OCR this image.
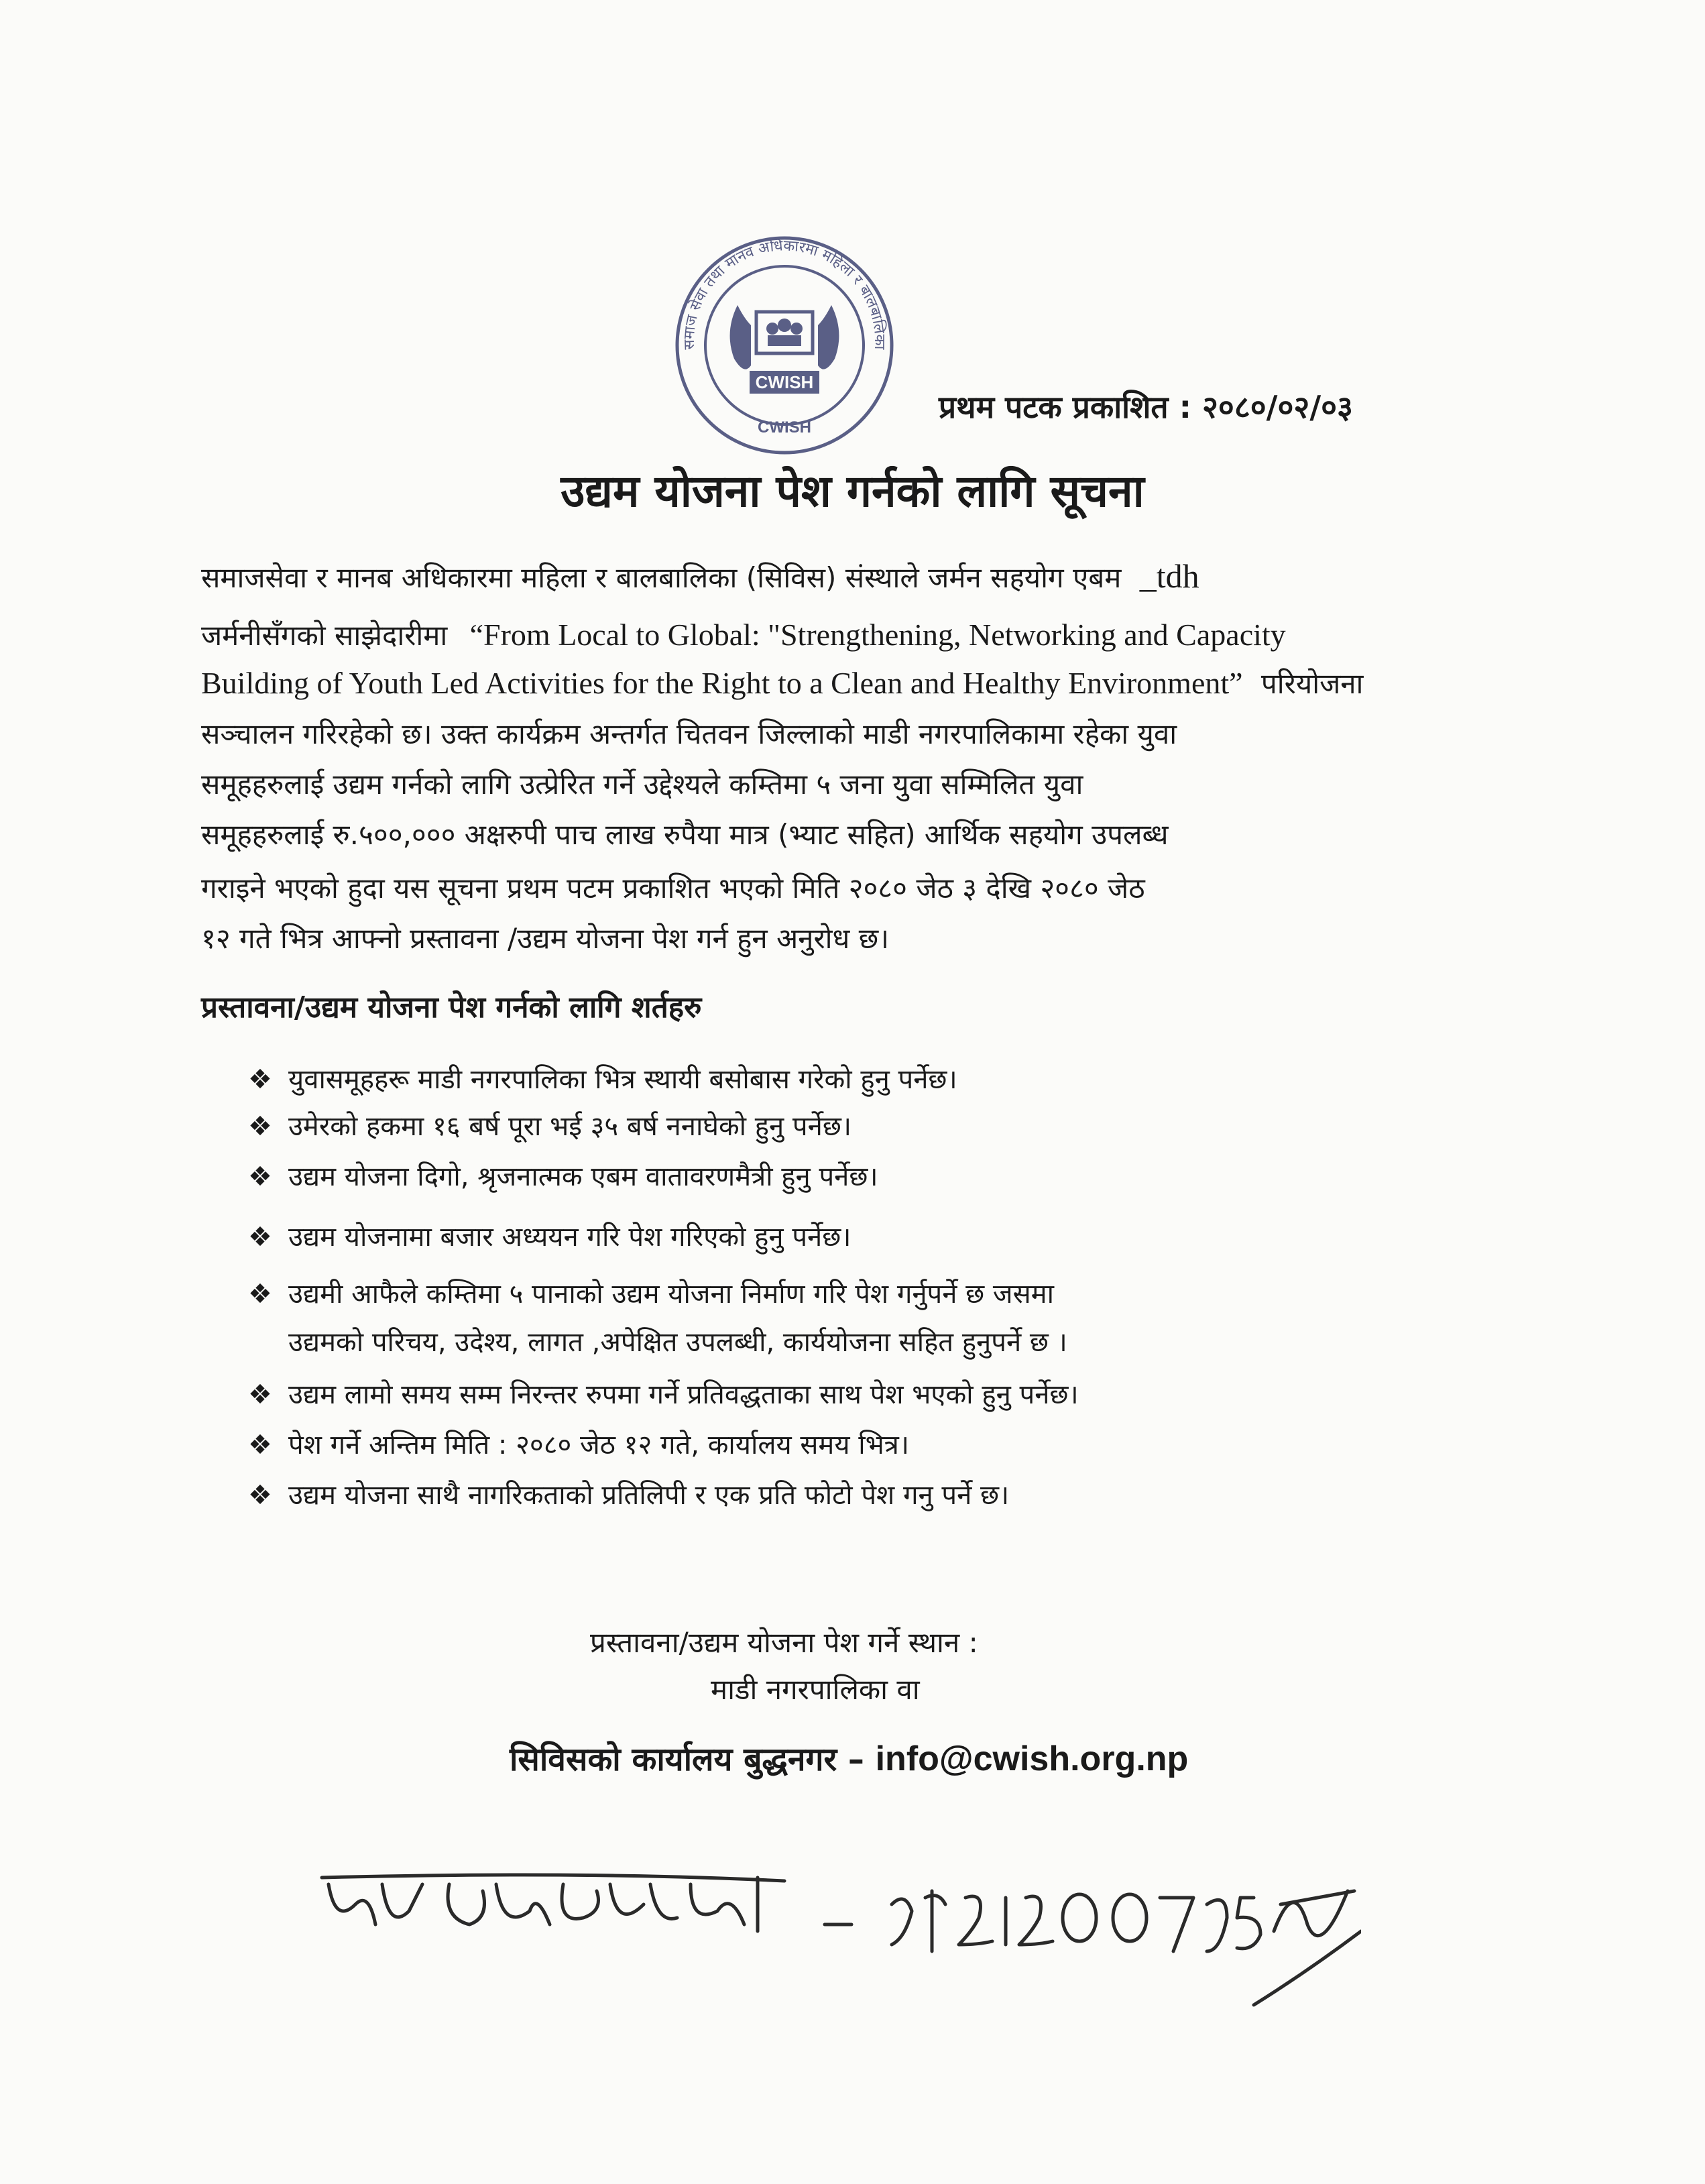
CWISH
CWISH
समाज सेवा तथा मानव अधिकारमा महिला र बालबालिका
प्रथम पटक प्रकाशित : २०८०/०२/०३
उद्यम योजना पेश गर्नको लागि सूचना
समाजसेवा र मानब अधिकारमा महिला र बालबालिका (सिविस) संस्थाले जर्मन सहयोग एबम _tdh
जर्मनीसँगको साझेदारीमा “From Local to Global: "Strengthening, Networking and Capacity
Building of Youth Led Activities for the Right to a Clean and Healthy Environment” परियोजना
सञ्चालन गरिरहेको छ। उक्त कार्यक्रम अन्तर्गत चितवन जिल्लाको माडी नगरपालिकामा रहेका युवा
समूहहरुलाई उद्यम गर्नको लागि उत्प्रेरित गर्ने उद्देश्यले कम्तिमा ५ जना युवा सम्मिलित युवा
समूहहरुलाई रु.५००,००० अक्षरुपी पाच लाख रुपैया मात्र (भ्याट सहित) आर्थिक सहयोग उपलब्ध
गराइने भएको हुदा यस सूचना प्रथम पटम प्रकाशित भएको मिति २०८० जेठ ३ देखि २०८० जेठ
१२ गते भित्र आफ्नो प्रस्तावना /उद्यम योजना पेश गर्न हुन अनुरोध छ।
प्रस्तावना/उद्यम योजना पेश गर्नको लागि शर्तहरु
❖ युवासमूहहरू माडी नगरपालिका भित्र स्थायी बसोबास गरेको हुनु पर्नेछ।
❖ उमेरको हकमा १६ बर्ष पूरा भई ३५ बर्ष ननाघेको हुनु पर्नेछ।
❖ उद्यम योजना दिगो, श्रृजनात्मक एबम वातावरणमैत्री हुनु पर्नेछ।
❖ उद्यम योजनामा बजार अध्ययन गरि पेश गरिएको हुनु पर्नेछ।
❖ उद्यमी आफैले कम्तिमा ५ पानाको उद्यम योजना निर्माण गरि पेश गर्नुपर्ने छ जसमा
उद्यमको परिचय, उदेश्य, लागत ,अपेक्षित उपलब्धी, कार्ययोजना सहित हुनुपर्ने छ ।
❖ उद्यम लामो समय सम्म निरन्तर रुपमा गर्ने प्रतिवद्धताका साथ पेश भएको हुनु पर्नेछ।
❖ पेश गर्ने अन्तिम मिति : २०८० जेठ १२ गते, कार्यालय समय भित्र।
❖ उद्यम योजना साथै नागरिकताको प्रतिलिपी र एक प्रति फोटो पेश गनु पर्ने छ।
प्रस्तावना/उद्यम योजना पेश गर्ने स्थान :
माडी नगरपालिका वा
सिविसको कार्यालय बुद्धनगर – info@cwish.org.np
थप जानकारीको लागी - 9851200795
